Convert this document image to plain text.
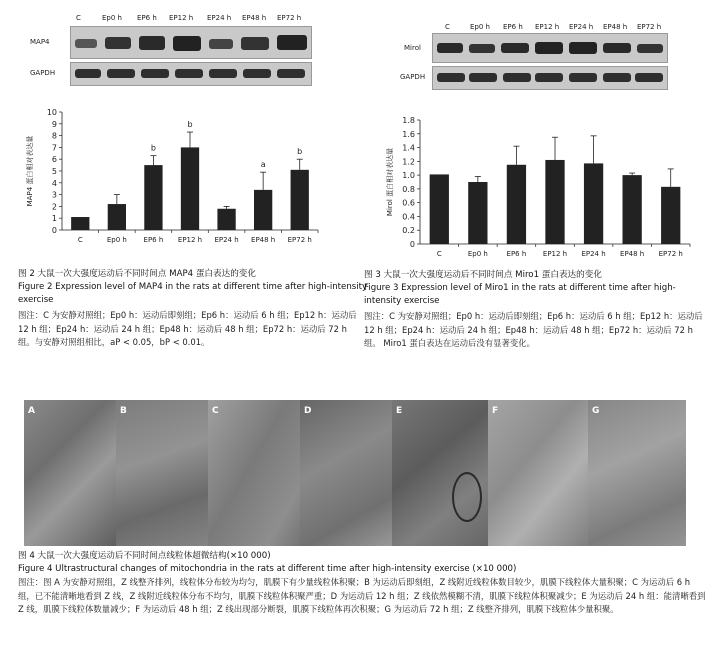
C	Ep0 h EP6 h EP12 h EP24 h EP48 h EP72 h
MAP4
GAPDH
C	Ep0 h EP6 h EP12 h EP24 h EP48 h EP72 h
Mirol
GAPDH
0
1
2
3
4
5
6
7
8
9
10
MAP4 蛋白相对表达量
C	Ep0 h
b
EP6 h
b
EP12 h EP24 h
a
EP48 h
b
EP72 h	0
0.2
0.4
0.6
0.8
1.0
1.2
1.4
1.6
1.8
Mirol 蛋白相对表达量
C	Ep0 h	EP6 h EP12 h EP24 h EP48 h EP72 h
图 2 大鼠一次大强度运动后不同时间点 MAP4 蛋白表达的变化
Figure 2 Expression level of MAP4 in the rats at different time after high-intensity exercise
图注：C 为安静对照组；Ep0 h：运动后即刻组；Ep6 h：运动后 6 h 组；Ep12 h：运动后 12 h 组；Ep24 h：运动后 24 h 组；Ep48 h：运动后 48 h 组；Ep72 h：运动后 72 h 组。与安静对照组相比，aP < 0.05，bP < 0.01。
图 3 大鼠一次大强度运动后不同时间点 Miro1 蛋白表达的变化
Figure 3 Expression level of Miro1 in the rats at different time after high-intensity exercise
图注：C 为安静对照组；Ep0 h：运动后即刻组；Ep6 h：运动后 6 h 组；Ep12 h：运动后 12 h 组；Ep24 h：运动后 24 h 组；Ep48 h：运动后 48 h 组；Ep72 h：运动后 72 h 组。 Miro1 蛋白表达在运动后没有显著变化。
A	B	C	D	E	F	G
图 4 大鼠一次大强度运动后不同时间点线粒体超微结构(×10 000)
Figure 4 Ultrastructural changes of mitochondria in the rats at different time after high-intensity exercise (×10 000)
图注：图 A 为安静对照组，Z 线整齐排列，线粒体分布较为均匀，肌膜下有少量线粒体积聚；B 为运动后即刻组，Z 线附近线粒体数目较少，肌膜下线粒体大量积聚；C 为运动后 6 h 组，已不能清晰地看到 Z 线，Z 线附近线粒体分布不均匀，肌膜下线粒体积聚严重；D 为运动后 12 h 组；Z 线依然模糊不清，肌膜下线粒体积聚减少；E 为运动后 24 h 组：能清晰看到 Z 线，肌膜下线粒体数量减少；F 为运动后 48 h 组；Z 线出现部分断裂，肌膜下线粒体再次积聚；G 为运动后 72 h 组；Z 线整齐排列，肌膜下线粒体少量积聚。
